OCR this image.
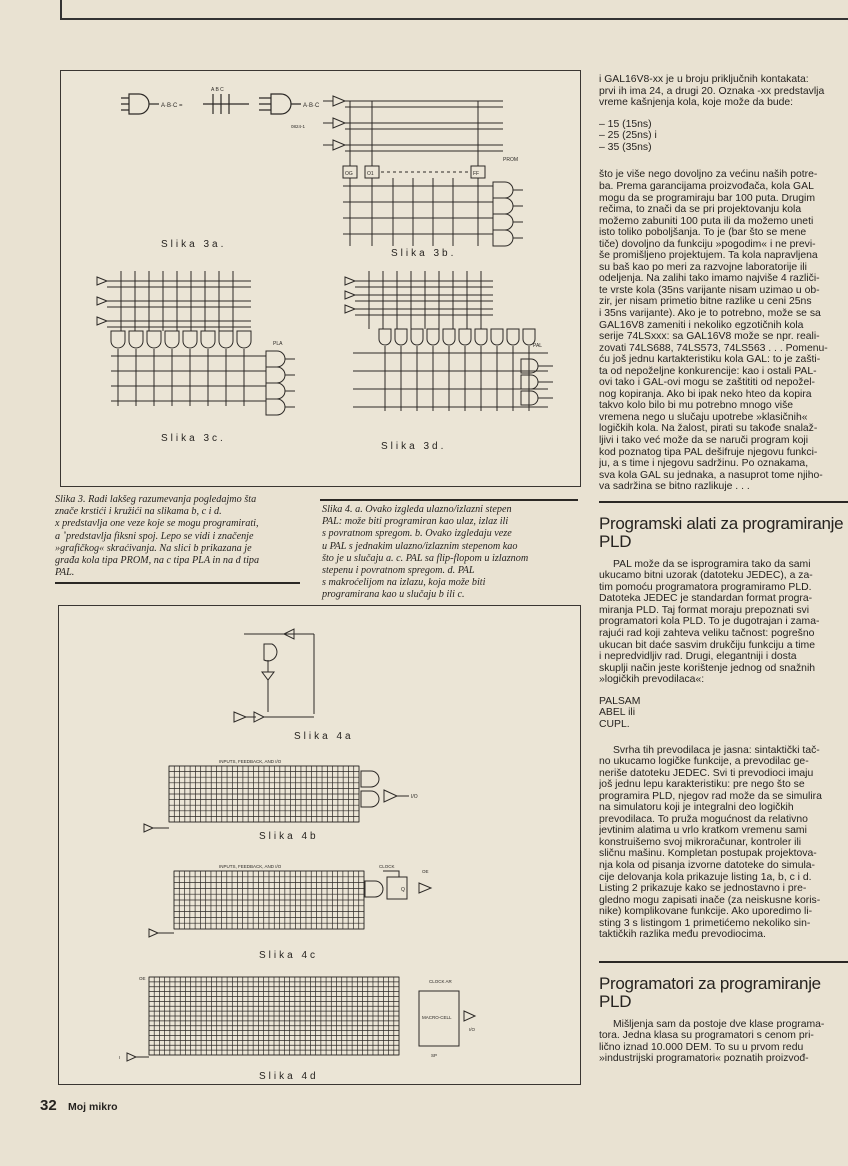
A·B·C =
A B C
A·B·C
0824-1
Slika 3a.
OG	O1	FF
PROM
Slika 3b.
PLA
Slika 3c.
PAL
Slika 3d.
Slika 3. Radi lakšeg razumevanja pogledajmo šta
znače krstići i kružići na slikama b, c i d.
x predstavlja one veze koje se mogu programirati,
a ˚predstavlja fiksni spoj. Lepo se vidi i značenje
»grafičkog« skraćivanja. Na slici b prikazana je
građa kola tipa PROM, na c tipa PLA in na d tipa
PAL.
Slika 4. a. Ovako izgleda ulazno/izlazni stepen
PAL: može biti programiran kao ulaz, izlaz ili
s povratnom spregom. b. Ovako izgledaju veze
u PAL s jednakim ulazno/izlaznim stepenom kao
što je u slučaju a. c. PAL sa flip-flopom u izlaznom
stepenu i povratnom spregom. d. PAL
s makroćelijom na izlazu, koja može biti
programirana kao u slučaju b ili c.
Slika 4a
INPUTS, FEEDBACK, AND I/O
I/O
Slika 4b
INPUTS, FEEDBACK, AND I/O	CLOCK
OE
Q
Slika 4c
CLOCK AR
MACRO-CELL
I/O
SP
OE
I
Slika 4d

i GAL16V8-xx je u broju priključnih kontakata:

prvi ih ima 24, a drugi 20. Oznaka -xx predstavlja

vreme kašnjenja kola, koje može da bude:

– 15 (15ns)
– 25 (25ns) i
– 35 (35ns)

što je više nego dovoljno za većinu naših potre-

ba. Prema garancijama proizvođača, kola GAL

mogu da se programiraju bar 100 puta. Drugim

rečima, to znači da se pri projektovanju kola

možemo zabuniti 100 puta ili da možemo uneti

isto toliko poboljšanja. To je (bar što se mene

tiče) dovoljno da funkciju »pogodim« i ne previ-

še promišljeno projektujem. Ta kola napravljena

su baš kao po meri za razvojne laboratorije ili

odeljenja. Na zalihi tako imamo najviše 4 različi-

te vrste kola (35ns varijante nisam uzimao u ob-

zir, jer nisam primetio bitne razlike u ceni 25ns

i 35ns varijante). Ako je to potrebno, može se sa

GAL16V8 zameniti i nekoliko egzotičnih kola

serije 74LSxxx: sa GAL16V8 može se npr. reali-

zovati 74LS688, 74LS573, 74LS563 . . . Pomenu-

ću još jednu kartakteristiku kola GAL: to je zašti-

ta od nepoželjne konkurencije: kao i ostali PAL-

ovi tako i GAL-ovi mogu se zaštititi od nepožel-

nog kopiranja. Ako bi ipak neko hteo da kopira

takvo kolo bilo bi mu potrebno mnogo više

vremena nego u slučaju upotrebe »klasičnih«

logičkih kola. Na žalost, pirati su takođe snalaž-

ljivi i tako već može da se naruči program koji

kod poznatog tipa PAL dešifruje njegovu funkci-

ju, a s time i njegovu sadržinu. Po oznakama,

sva kola GAL su jednaka, a nasuprot tome njiho-

va sadržina se bitno razlikuje . . .

Programski alati za programiranje
PLD

PAL može da se isprogramira tako da sami

ukucamo bitni uzorak (datoteku JEDEC), a za-

tim pomoću programatora programiramo PLD.

Datoteka JEDEC je standardan format progra-

miranja PLD. Taj format moraju prepoznati svi

programatori kola PLD. To je dugotrajan i zama-

rajući rad koji zahteva veliku tačnost: pogrešno

ukucan bit daće sasvim drukčiju funkciju a time

i nepredvidljiv rad. Drugi, elegantniji i dosta

skuplji način jeste korištenje jednog od snažnih

»logičkih prevodilaca«:

PALSAM
ABEL ili
CUPL.

Svrha tih prevodilaca je jasna: sintaktički tač-

no ukucamo logičke funkcije, a prevodilac ge-

neriše datoteku JEDEC. Svi ti prevodioci imaju

još jednu lepu karakteristiku: pre nego što se

programira PLD, njegov rad može da se simulira

na simulatoru koji je integralni deo logičkih

prevodilaca. To pruža mogućnost da relativno

jevtinim alatima u vrlo kratkom vremenu sami

konstruišemo svoj mikroračunar, kontroler ili

sličnu mašinu. Kompletan postupak projektova-

nja kola od pisanja izvorne datoteke do simula-

cije delovanja kola prikazuje listing 1a, b, c i d.

Listing 2 prikazuje kako se jednostavno i pre-

gledno mogu zapisati inače (za neiskusne koris-

nike) komplikovane funkcije. Ako uporedimo li-

sting 3 s listingom 1 primetićemo nekoliko sin-

taktičkih razlika među prevodiocima.

Programatori za programiranje
PLD

Mišljenja sam da postoje dve klase programa-

tora. Jedna klasa su programatori s cenom pri-

lično iznad 10.000 DEM. To su u prvom redu

»industrijski programatori« poznatih proizvođ-

32 Moj mikro
